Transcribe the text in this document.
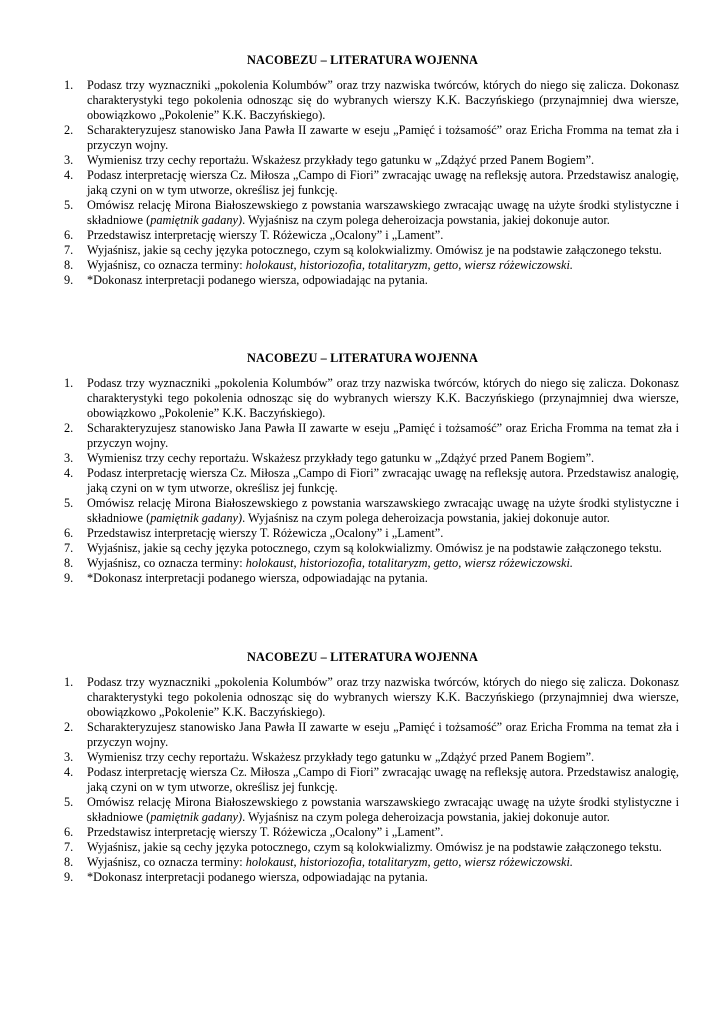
NACOBEZU – LITERATURA WOJENNA
1. Podasz trzy wyznaczniki „pokolenia Kolumbów” oraz trzy nazwiska twórców, których do niego się zalicza. Dokonasz charakterystyki tego pokolenia odnosząc się do wybranych wierszy K.K. Baczyńskiego (przynajmniej dwa wiersze, obowiązkowo „Pokolenie” K.K. Baczyńskiego).
2. Scharakteryzujesz stanowisko Jana Pawła II zawarte w eseju „Pamięć i tożsamość” oraz Ericha Fromma na temat zła i przyczyn wojny.
3. Wymienisz trzy cechy reportażu. Wskażesz przykłady tego gatunku w „Zdążyć przed Panem Bogiem”.
4. Podasz interpretację wiersza Cz. Miłosza „Campo di Fiori” zwracając uwagę na refleksję autora. Przedstawisz analogię, jaką czyni on w tym utworze, określisz jej funkcję.
5. Omówisz relację Mirona Białoszewskiego z powstania warszawskiego zwracając uwagę na użyte środki stylistyczne i składniowe (pamiętnik gadany). Wyjaśnisz na czym polega deheroizacja powstania, jakiej dokonuje autor.
6. Przedstawisz interpretację wierszy T. Różewicza „Ocalony” i „Lament”.
7. Wyjaśnisz, jakie są cechy języka potocznego, czym są kolokwializmy. Omówisz je na podstawie załączonego tekstu.
8. Wyjaśnisz, co oznacza terminy: holokaust, historiozofia, totalitaryzm, getto, wiersz różewiczowski.
9. *Dokonasz interpretacji podanego wiersza, odpowiadając na pytania.
NACOBEZU – LITERATURA WOJENNA
1. Podasz trzy wyznaczniki „pokolenia Kolumbów” oraz trzy nazwiska twórców, których do niego się zalicza. Dokonasz charakterystyki tego pokolenia odnosząc się do wybranych wierszy K.K. Baczyńskiego (przynajmniej dwa wiersze, obowiązkowo „Pokolenie” K.K. Baczyńskiego).
2. Scharakteryzujesz stanowisko Jana Pawła II zawarte w eseju „Pamięć i tożsamość” oraz Ericha Fromma na temat zła i przyczyn wojny.
3. Wymienisz trzy cechy reportażu. Wskażesz przykłady tego gatunku w „Zdążyć przed Panem Bogiem”.
4. Podasz interpretację wiersza Cz. Miłosza „Campo di Fiori” zwracając uwagę na refleksję autora. Przedstawisz analogię, jaką czyni on w tym utworze, określisz jej funkcję.
5. Omówisz relację Mirona Białoszewskiego z powstania warszawskiego zwracając uwagę na użyte środki stylistyczne i składniowe (pamiętnik gadany). Wyjaśnisz na czym polega deheroizacja powstania, jakiej dokonuje autor.
6. Przedstawisz interpretację wierszy T. Różewicza „Ocalony” i „Lament”.
7. Wyjaśnisz, jakie są cechy języka potocznego, czym są kolokwializmy. Omówisz je na podstawie załączonego tekstu.
8. Wyjaśnisz, co oznacza terminy: holokaust, historiozofia, totalitaryzm, getto, wiersz różewiczowski.
9. *Dokonasz interpretacji podanego wiersza, odpowiadając na pytania.
NACOBEZU – LITERATURA WOJENNA
1. Podasz trzy wyznaczniki „pokolenia Kolumbów” oraz trzy nazwiska twórców, których do niego się zalicza. Dokonasz charakterystyki tego pokolenia odnosząc się do wybranych wierszy K.K. Baczyńskiego (przynajmniej dwa wiersze, obowiązkowo „Pokolenie” K.K. Baczyńskiego).
2. Scharakteryzujesz stanowisko Jana Pawła II zawarte w eseju „Pamięć i tożsamość” oraz Ericha Fromma na temat zła i przyczyn wojny.
3. Wymienisz trzy cechy reportażu. Wskażesz przykłady tego gatunku w „Zdążyć przed Panem Bogiem”.
4. Podasz interpretację wiersza Cz. Miłosza „Campo di Fiori” zwracając uwagę na refleksję autora. Przedstawisz analogię, jaką czyni on w tym utworze, określisz jej funkcję.
5. Omówisz relację Mirona Białoszewskiego z powstania warszawskiego zwracając uwagę na użyte środki stylistyczne i składniowe (pamiętnik gadany). Wyjaśnisz na czym polega deheroizacja powstania, jakiej dokonuje autor.
6. Przedstawisz interpretację wierszy T. Różewicza „Ocalony” i „Lament”.
7. Wyjaśnisz, jakie są cechy języka potocznego, czym są kolokwializmy. Omówisz je na podstawie załączonego tekstu.
8. Wyjaśnisz, co oznacza terminy: holokaust, historiozofia, totalitaryzm, getto, wiersz różewiczowski.
9. *Dokonasz interpretacji podanego wiersza, odpowiadając na pytania.
